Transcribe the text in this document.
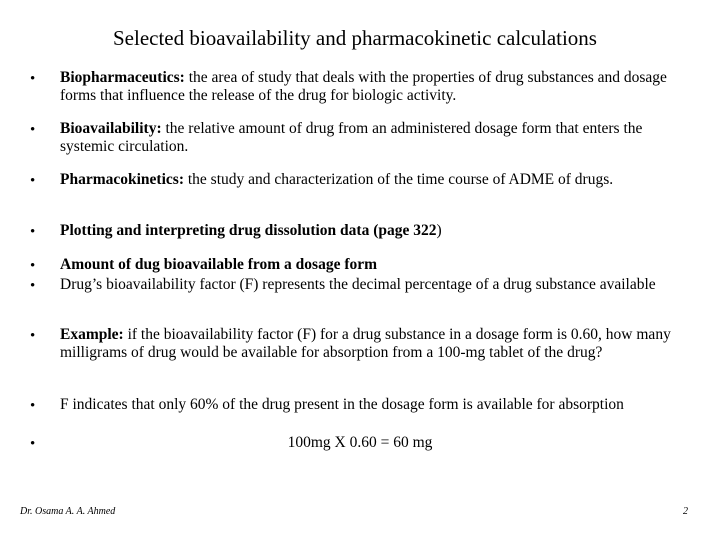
Selected bioavailability and pharmacokinetic calculations
• Biopharmaceutics: the area of study that deals with the properties of drug substances and dosage forms that influence the release of the drug for biologic activity.
• Bioavailability: the relative amount of drug from an administered dosage form that enters the systemic circulation.
• Pharmacokinetics: the study and characterization of the time course of ADME of drugs.
• Plotting and interpreting drug dissolution data (page 322)
• Amount of dug bioavailable from a dosage form
• Drug’s bioavailability factor (F) represents the decimal percentage of a drug substance available
• Example: if the bioavailability factor (F) for a drug substance in a dosage form is 0.60, how many milligrams of drug would be available for absorption from a 100-mg tablet of the drug?
• F indicates that only 60% of the drug present in the dosage form is available for absorption
•	100mg X 0.60 = 60 mg
Dr. Osama A. A. Ahmed	2
